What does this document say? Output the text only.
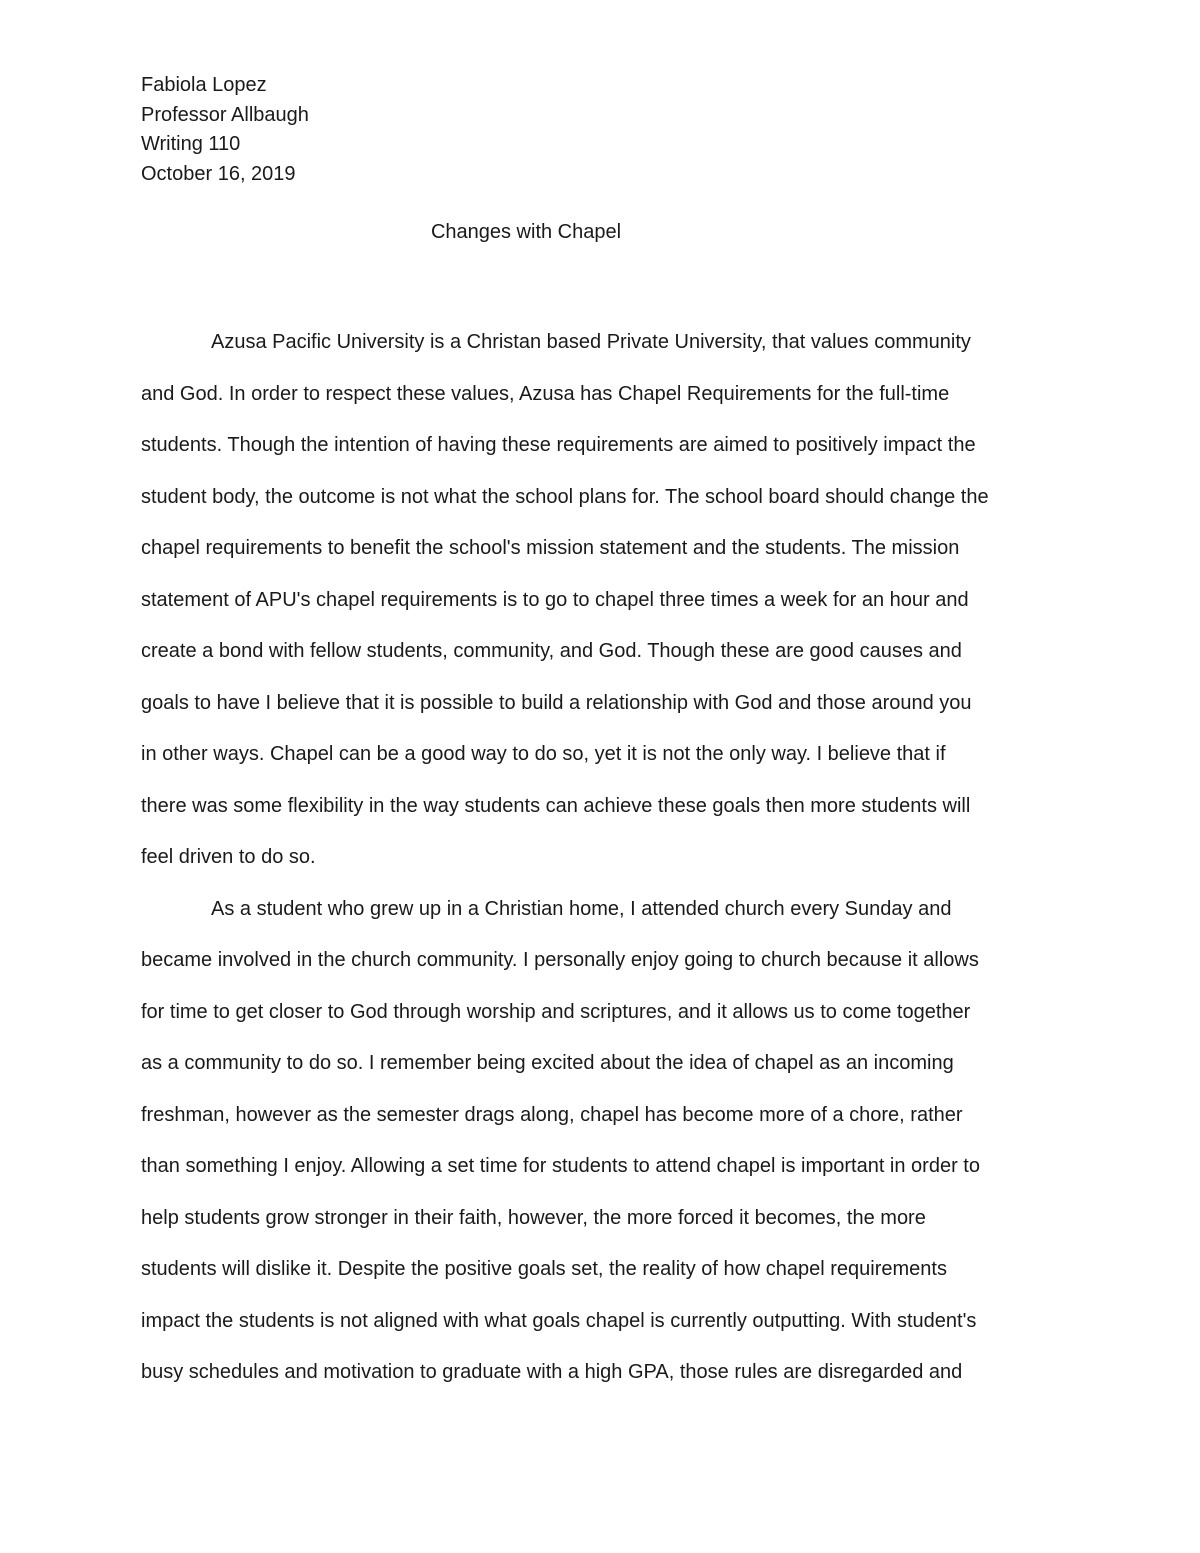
Fabiola Lopez
Professor Allbaugh
Writing 110
October 16, 2019
Changes with Chapel
Azusa Pacific University is a Christan based Private University, that values community
and God. In order to respect these values, Azusa has Chapel Requirements for the full-time
students. Though the intention of having these requirements are aimed to positively impact the
student body, the outcome is not what the school plans for. The school board should change the
chapel requirements to benefit the school's mission statement and the students. The mission
statement of APU's chapel requirements is to go to chapel three times a week for an hour and
create a bond with fellow students, community, and God. Though these are good causes and
goals to have I believe that it is possible to build a relationship with God and those around you
in other ways. Chapel can be a good way to do so, yet it is not the only way. I believe that if
there was some flexibility in the way students can achieve these goals then more students will
feel driven to do so.
As a student who grew up in a Christian home, I attended church every Sunday and
became involved in the church community. I personally enjoy going to church because it allows
for time to get closer to God through worship and scriptures, and it allows us to come together
as a community to do so. I remember being excited about the idea of chapel as an incoming
freshman, however as the semester drags along, chapel has become more of a chore, rather
than something I enjoy. Allowing a set time for students to attend chapel is important in order to
help students grow stronger in their faith, however, the more forced it becomes, the more
students will dislike it. Despite the positive goals set, the reality of how chapel requirements
impact the students is not aligned with what goals chapel is currently outputting. With student's
busy schedules and motivation to graduate with a high GPA, those rules are disregarded and
